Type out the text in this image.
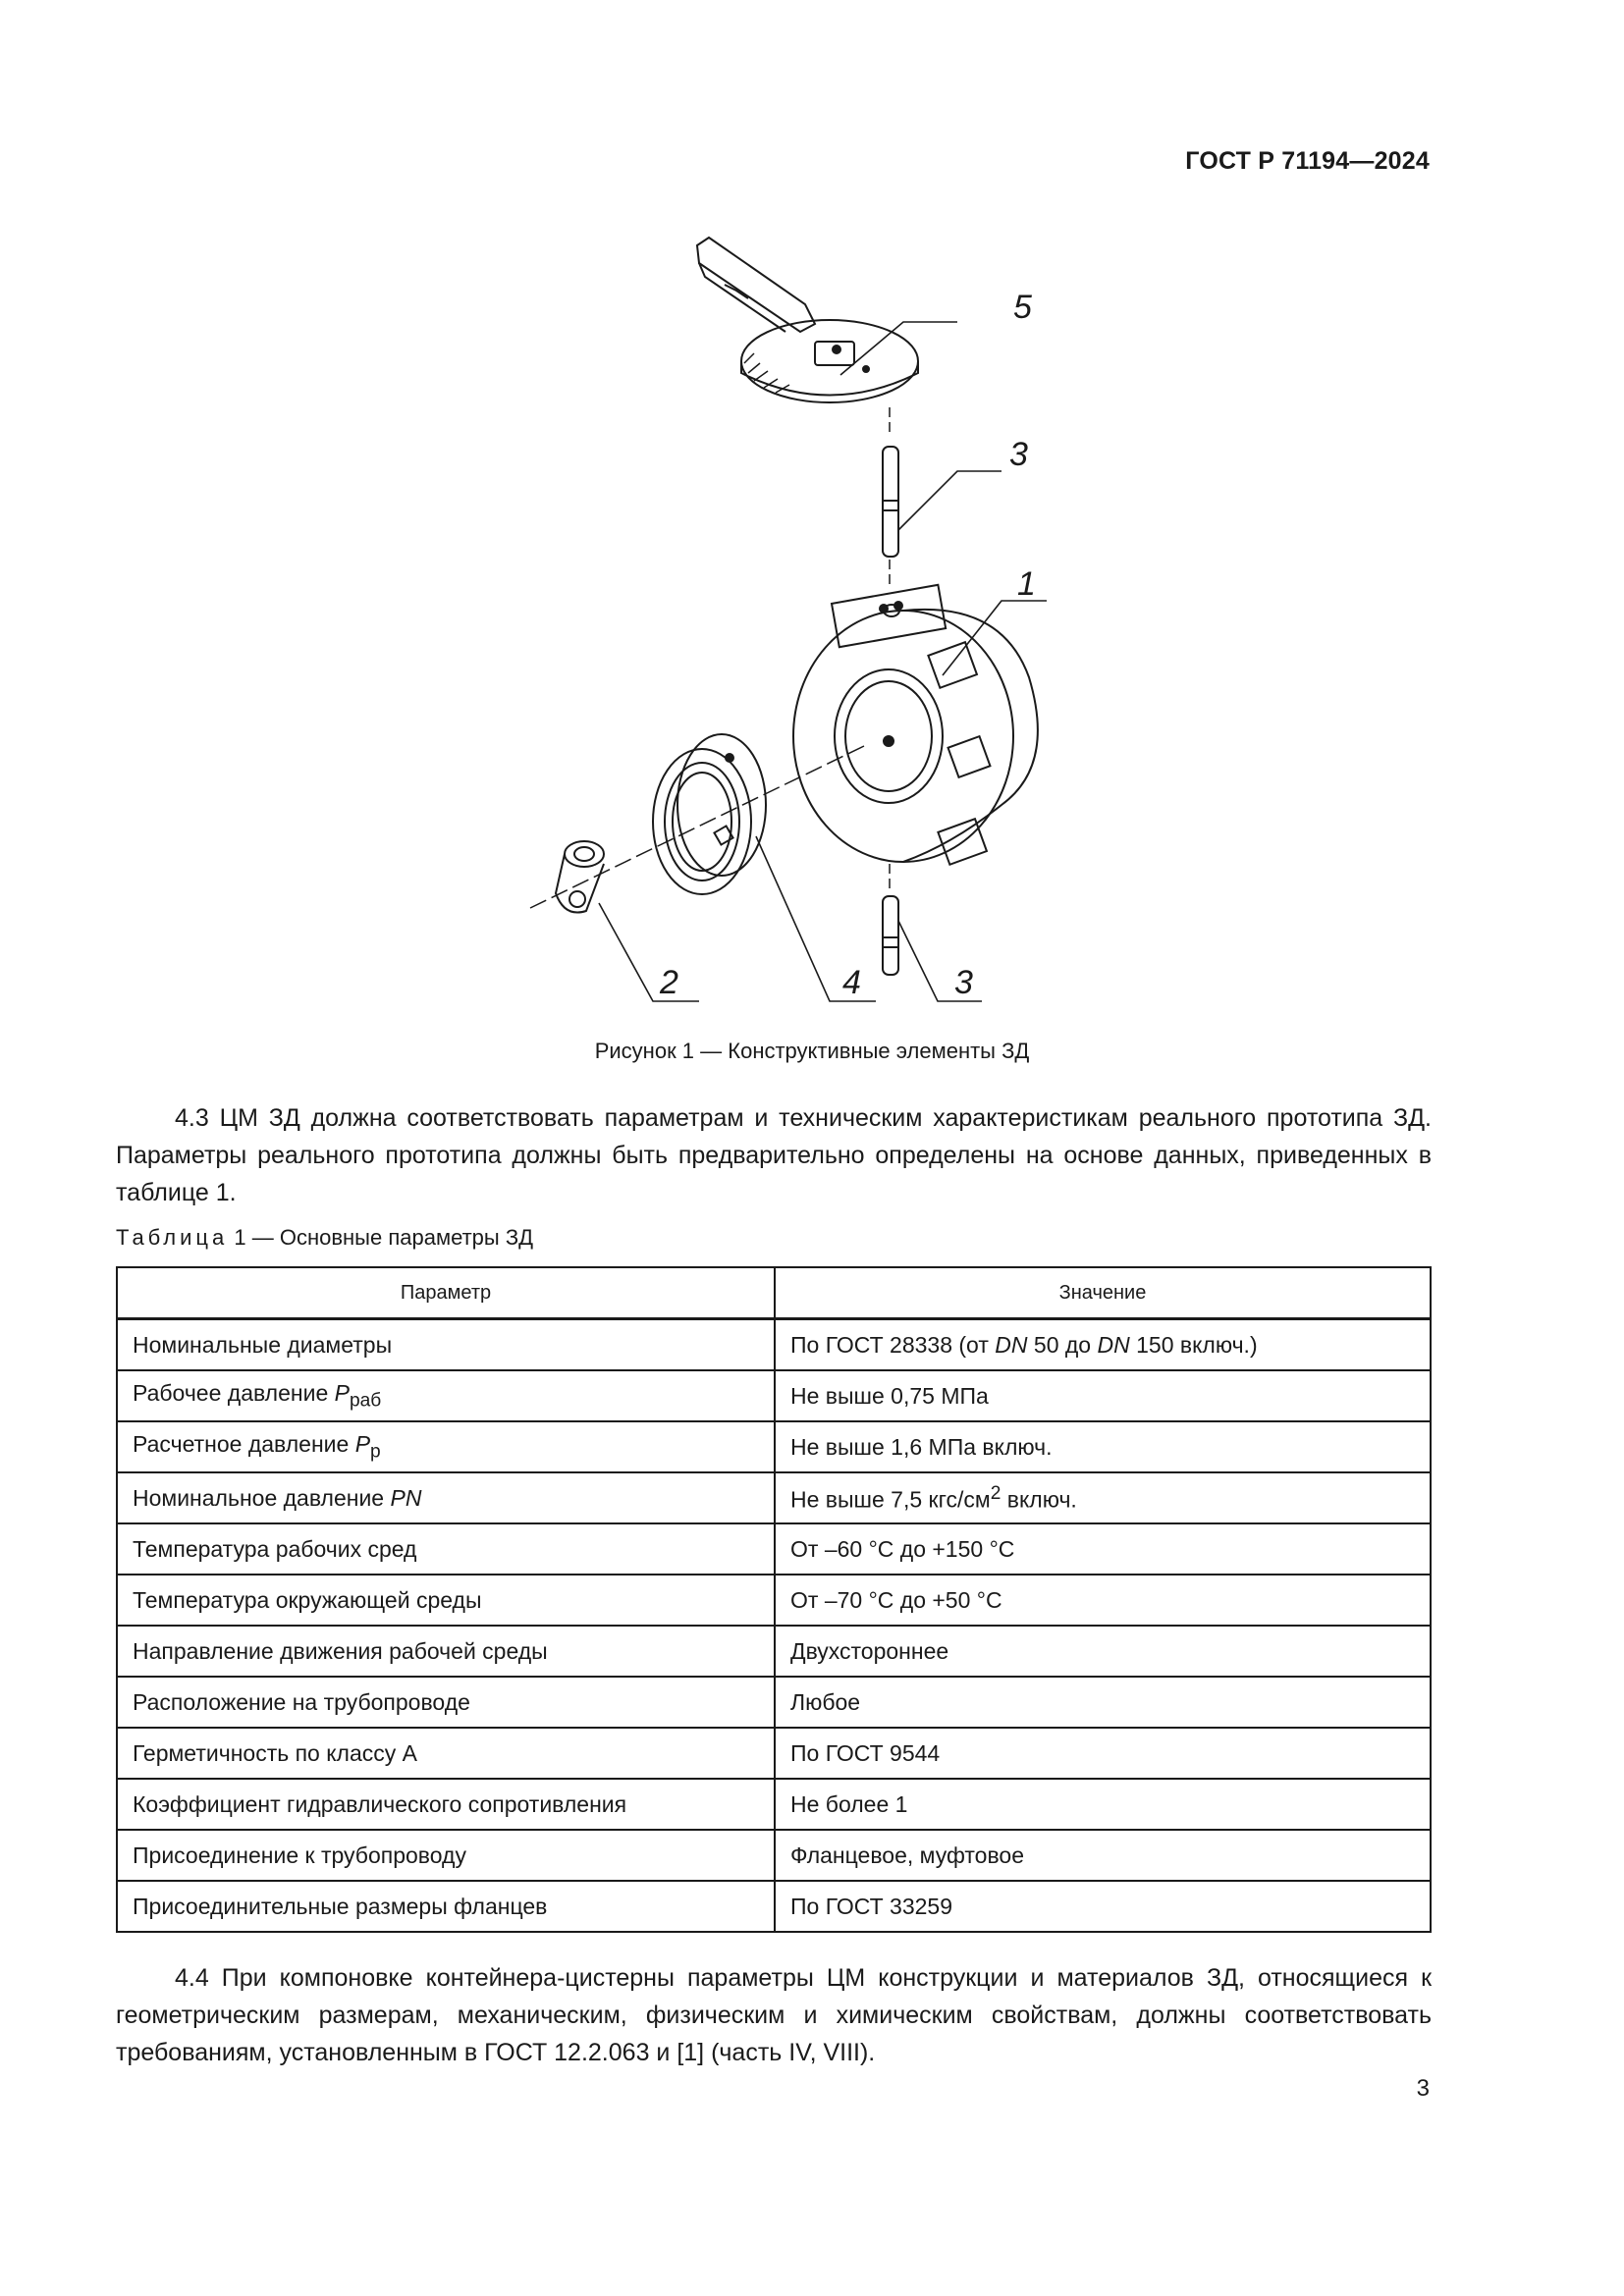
ГОСТ Р 71194—2024
5
3
1
2	4	3
Рисунок 1 — Конструктивные элементы ЗД
4.3 ЦМ ЗД должна соответствовать параметрам и техническим характеристикам реального прототипа ЗД. Параметры реального прототипа должны быть предварительно определены на основе данных, приведенных в таблице 1.
Таблица 1 — Основные параметры ЗД
Параметр	Значение
Номинальные диаметры	По ГОСТ 28338 (от DN 50 до DN 150 включ.)
Рабочее давление $P_{раб}$	Не выше 0,75 МПа
Расчетное давление $P_р$	Не выше 1,6 МПа включ.
Номинальное давление PN	Не выше 7,5 кгс/$см^2$ включ.
Температура рабочих сред	От –60 °С до +150 °С
Температура окружающей среды	От –70 °С до +50 °С
Направление движения рабочей среды	Двухстороннее
Расположение на трубопроводе	Любое
Герметичность по классу А	По ГОСТ 9544
Коэффициент гидравлического сопротивления	Не более 1
Присоединение к трубопроводу	Фланцевое, муфтовое
Присоединительные размеры фланцев	По ГОСТ 33259
4.4 При компоновке контейнера-цистерны параметры ЦМ конструкции и материалов ЗД, относящиеся к геометрическим размерам, механическим, физическим и химическим свойствам, должны соответствовать требованиям, установленным в ГОСТ 12.2.063 и [1] (часть IV, VIII).
3
